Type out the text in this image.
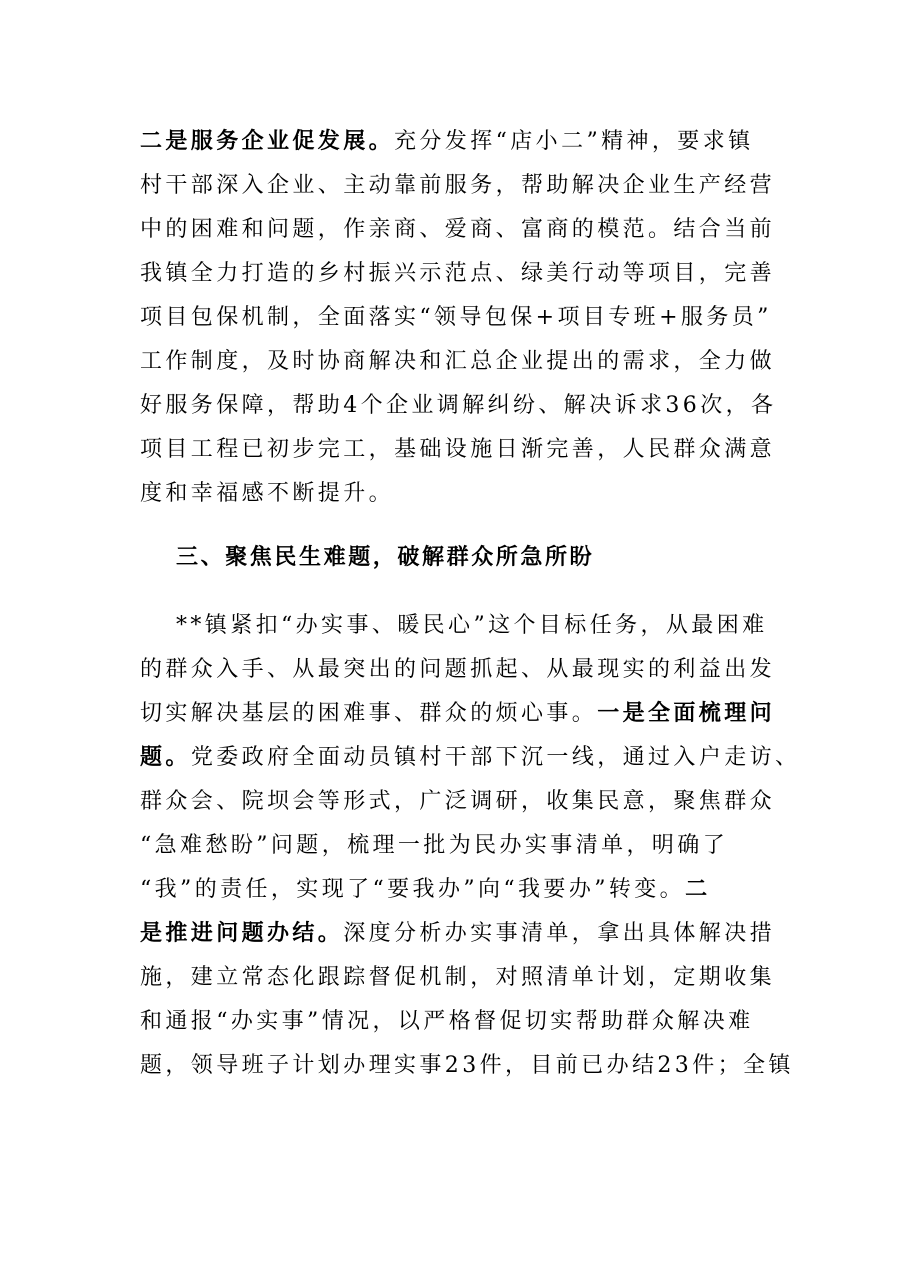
二是服务企业促发展。充分发挥“店小二”精神，要求镇
村干部深入企业、主动靠前服务，帮助解决企业生产经营
中的困难和问题，作亲商、爱商、富商的模范。结合当前
我镇全力打造的乡村振兴示范点、绿美行动等项目，完善
项目包保机制，全面落实“领导包保+项目专班+服务员”
工作制度，及时协商解决和汇总企业提出的需求，全力做
好服务保障，帮助4个企业调解纠纷、解决诉求36次，各
项目工程已初步完工，基础设施日渐完善，人民群众满意
度和幸福感不断提升。
三、聚焦民生难题，破解群众所急所盼
**镇紧扣“办实事、暖民心”这个目标任务，从最困难
的群众入手、从最突出的问题抓起、从最现实的利益出发
切实解决基层的困难事、群众的烦心事。一是全面梳理问
题。党委政府全面动员镇村干部下沉一线，通过入户走访、
群众会、院坝会等形式，广泛调研，收集民意，聚焦群众
“急难愁盼”问题，梳理一批为民办实事清单，明确了
“我”的责任，实现了“要我办”向“我要办”转变。二
是推进问题办结。深度分析办实事清单，拿出具体解决措
施，建立常态化跟踪督促机制，对照清单计划，定期收集
和通报“办实事”情况，以严格督促切实帮助群众解决难
题，领导班子计划办理实事23件，目前已办结23件；全镇
